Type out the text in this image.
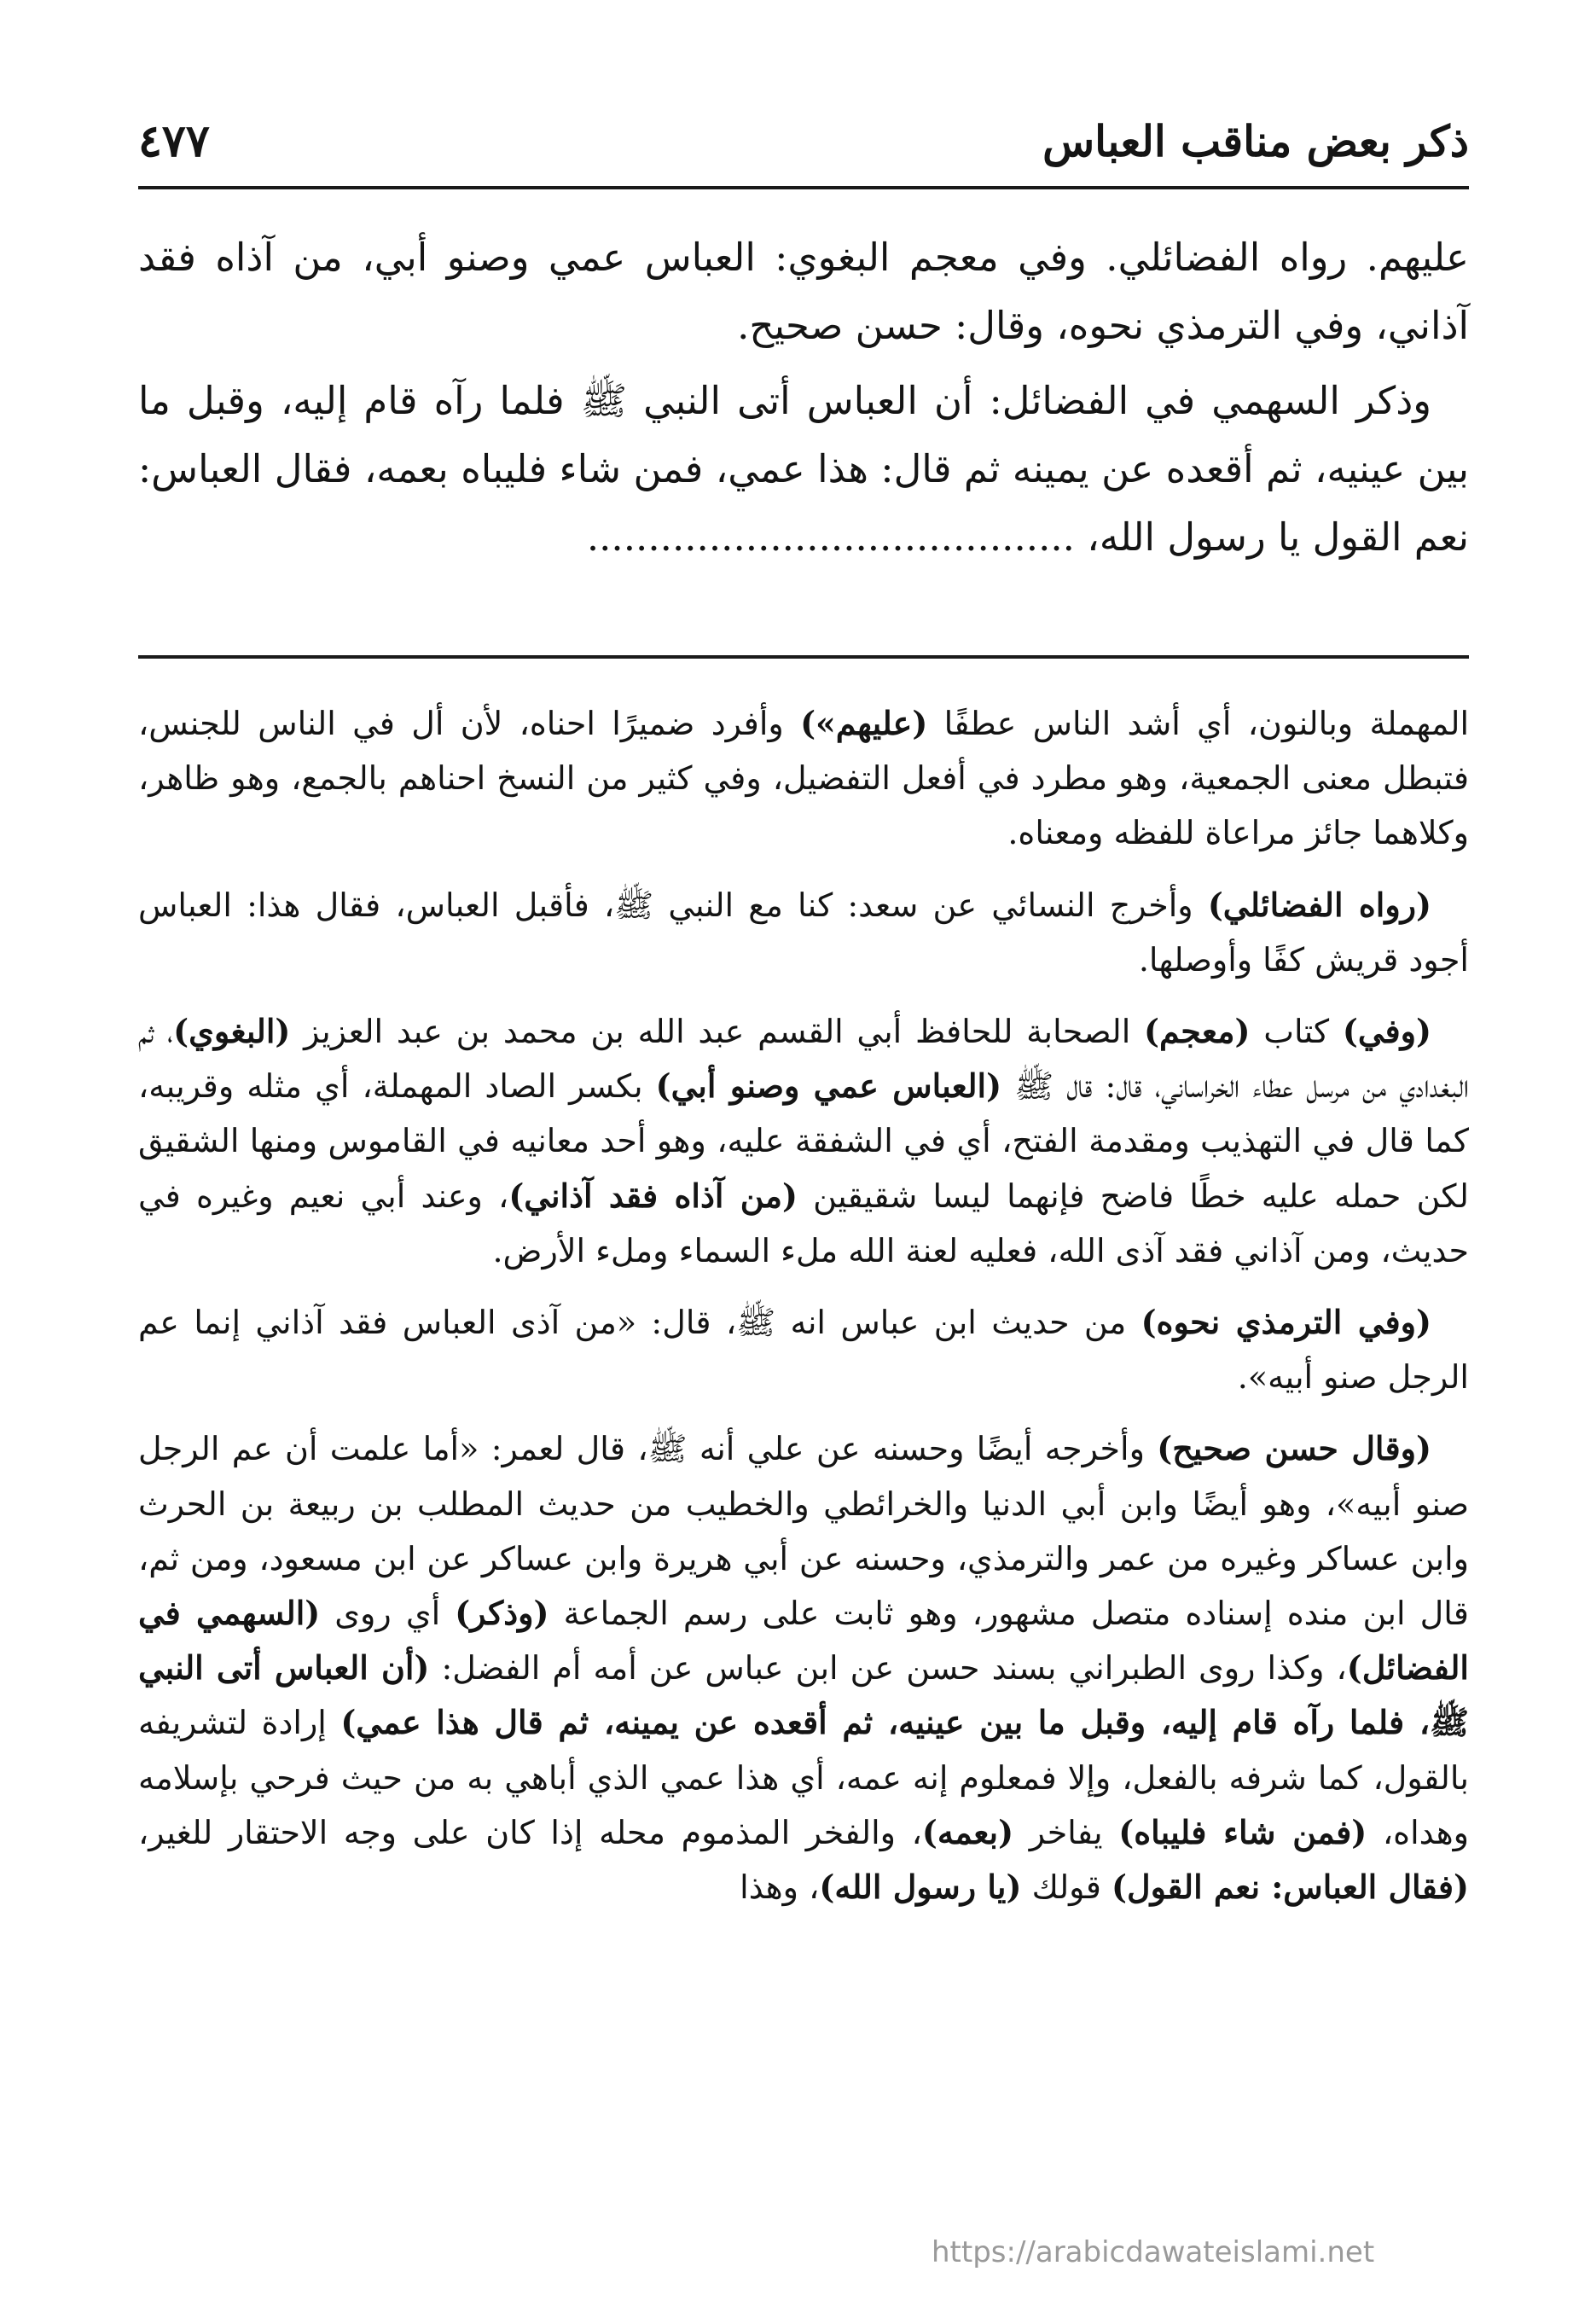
ذكر بعض مناقب العباس
٤٧٧

عليهم. رواه الفضائلي. وفي معجم البغوي: العباس عمي وصنو أبي، من آذاه فقد آذاني، وفي الترمذي نحوه، وقال: حسن صحيح.

وذكر السهمي في الفضائل: أن العباس أتى النبي ﷺ فلما رآه قام إليه، وقبل ما بين عينيه، ثم أقعده عن يمينه ثم قال: هذا عمي، فمن شاء فليباه بعمه، فقال العباس: نعم القول يا رسول الله، ........................................

المهملة وبالنون، أي أشد الناس عطفًا (عليهم») وأفرد ضميرًا احناه، لأن أل في الناس للجنس، فتبطل معنى الجمعية، وهو مطرد في أفعل التفضيل، وفي كثير من النسخ احناهم بالجمع، وهو ظاهر، وكلاهما جائز مراعاة للفظه ومعناه.

(رواه الفضائلي) وأخرج النسائي عن سعد: كنا مع النبي ﷺ، فأقبل العباس، فقال هذا: العباس أجود قريش كفًا وأوصلها.

(وفي) كتاب (معجم) الصحابة للحافظ أبي القسم عبد الله بن محمد بن عبد العزيز (البغوي)، ثم البغدادي من مرسل عطاء الخراساني، قال: قال ﷺ (العباس عمي وصنو أبي) بكسر الصاد المهملة، أي مثله وقريبه، كما قال في التهذيب ومقدمة الفتح، أي في الشفقة عليه، وهو أحد معانيه في القاموس ومنها الشقيق لكن حمله عليه خطًا فاضح فإنهما ليسا شقيقين (من آذاه فقد آذاني)، وعند أبي نعيم وغيره في حديث، ومن آذاني فقد آذى الله، فعليه لعنة الله ملء السماء وملء الأرض.

(وفي الترمذي نحوه) من حديث ابن عباس انه ﷺ، قال: «من آذى العباس فقد آذاني إنما عم الرجل صنو أبيه».

(وقال حسن صحيح) وأخرجه أيضًا وحسنه عن علي أنه ﷺ، قال لعمر: «أما علمت أن عم الرجل صنو أبيه»، وهو أيضًا وابن أبي الدنيا والخرائطي والخطيب من حديث المطلب بن ربيعة بن الحرث وابن عساكر وغيره من عمر والترمذي، وحسنه عن أبي هريرة وابن عساكر عن ابن مسعود، ومن ثم، قال ابن منده إسناده متصل مشهور، وهو ثابت على رسم الجماعة (وذكر) أي روى (السهمي في الفضائل)، وكذا روى الطبراني بسند حسن عن ابن عباس عن أمه أم الفضل: (أن العباس أتى النبي ﷺ، فلما رآه قام إليه، وقبل ما بين عينيه، ثم أقعده عن يمينه، ثم قال هذا عمي) إرادة لتشريفه بالقول، كما شرفه بالفعل، وإلا فمعلوم إنه عمه، أي هذا عمي الذي أباهي به من حيث فرحي بإسلامه وهداه، (فمن شاء فليباه) يفاخر (بعمه)، والفخر المذموم محله إذا كان على وجه الاحتقار للغير، (فقال العباس: نعم القول) قولك (يا رسول الله)، وهذا

https://arabicdawateislami.net
